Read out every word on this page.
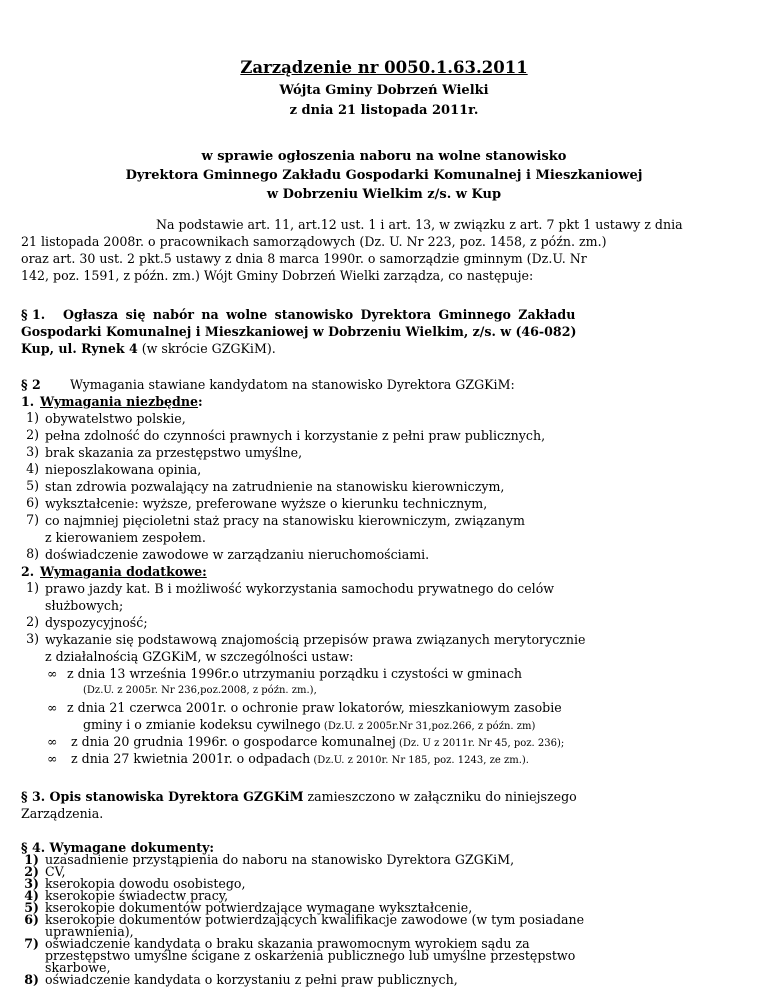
Zarządzenie nr 0050.1.63.2011
Wójta Gminy Dobrzeń Wielki
z dnia 21 listopada 2011r.
w sprawie ogłoszenia naboru na wolne stanowisko
Dyrektora Gminnego Zakładu Gospodarki Komunalnej i Mieszkaniowej
w Dobrzeniu Wielkim z/s. w Kup
Na podstawie art. 11, art.12 ust. 1 i art. 13, w związku z art. 7 pkt 1 ustawy z dnia
21 listopada 2008r. o pracownikach samorządowych (Dz. U. Nr 223, poz. 1458, z późn. zm.)
oraz art. 30 ust. 2 pkt.5 ustawy z dnia 8 marca 1990r. o samorządzie gminnym (Dz.U. Nr
142, poz. 1591, z późn. zm.) Wójt Gminy Dobrzeń Wielki zarządza, co następuje:
§ 1. Ogłasza się nabór na wolne stanowisko Dyrektora Gminnego Zakładu
Gospodarki Komunalnej i Mieszkaniowej w Dobrzeniu Wielkim, z/s. w (46-082)
Kup, ul. Rynek 4 (w skrócie GZGKiM).
§ 2 Wymagania stawiane kandydatom na stanowisko Dyrektora GZGKiM:
1. Wymagania niezbędne:
1) obywatelstwo polskie,
2) pełna zdolność do czynności prawnych i korzystanie z pełni praw publicznych,
3) brak skazania za przestępstwo umyślne,
4) nieposzlakowana opinia,
5) stan zdrowia pozwalający na zatrudnienie na stanowisku kierowniczym,
6) wykształcenie: wyższe, preferowane wyższe o kierunku technicznym,
7) co najmniej pięcioletni staż pracy na stanowisku kierowniczym, związanym
z kierowaniem zespołem.
8) doświadczenie zawodowe w zarządzaniu nieruchomościami.
2. Wymagania dodatkowe:
1) prawo jazdy kat. B i możliwość wykorzystania samochodu prywatnego do celów
służbowych;
2) dyspozycyjność;
3) wykazanie się podstawową znajomością przepisów prawa związanych merytorycznie
z działalnością GZGKiM, w szczególności ustaw:
∞ z dnia 13 września 1996r.o utrzymaniu porządku i czystości w gminach
(Dz.U. z 2005r. Nr 236,poz.2008, z późn. zm.),
∞ z dnia 21 czerwca 2001r. o ochronie praw lokatorów, mieszkaniowym zasobie
gminy i o zmianie kodeksu cywilnego (Dz.U. z 2005r.Nr 31,poz.266, z późn. zm)
∞ z dnia 20 grudnia 1996r. o gospodarce komunalnej (Dz. U z 2011r. Nr 45, poz. 236);
∞ z dnia 27 kwietnia 2001r. o odpadach (Dz.U. z 2010r. Nr 185, poz. 1243, ze zm.).
§ 3. Opis stanowiska Dyrektora GZGKiM zamieszczono w załączniku do niniejszego
Zarządzenia.
§ 4. Wymagane dokumenty:
1) uzasadnienie przystąpienia do naboru na stanowisko Dyrektora GZGKiM,
2) CV,
3) kserokopia dowodu osobistego,
4) kserokopie świadectw pracy,
5) kserokopie dokumentów potwierdzające wymagane wykształcenie,
6) kserokopie dokumentów potwierdzających kwalifikacje zawodowe (w tym posiadane
uprawnienia),
7) oświadczenie kandydata o braku skazania prawomocnym wyrokiem sądu za
przestępstwo umyślne ścigane z oskarżenia publicznego lub umyślne przestępstwo
skarbowe,
8) oświadczenie kandydata o korzystaniu z pełni praw publicznych,
